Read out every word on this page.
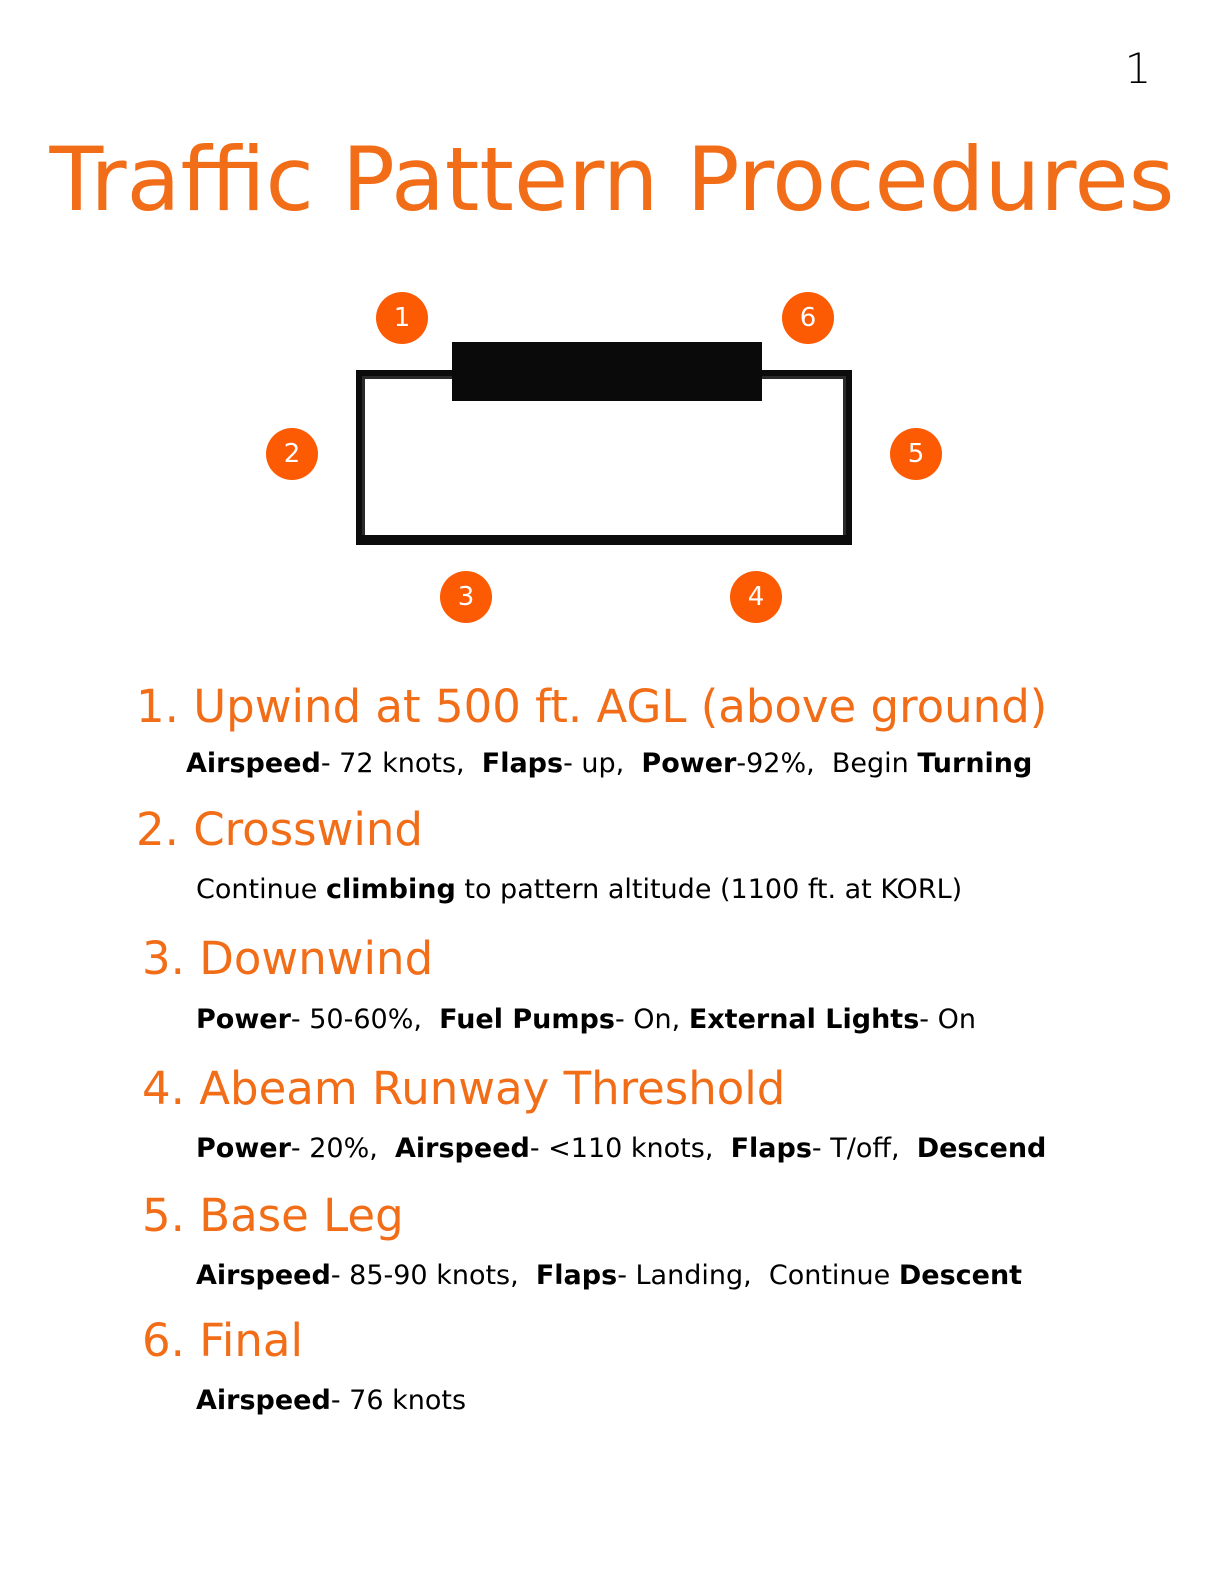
1
Traffic Pattern Procedures
1
2
3	4
5
6
1. Upwind at 500 ft. AGL (above ground)
Airspeed- 72 knots,  Flaps- up,  Power-92%,  Begin Turning
2. Crosswind
Continue climbing to pattern altitude (1100 ft. at KORL)
3. Downwind
Power- 50-60%,  Fuel Pumps- On, External Lights- On
4. Abeam Runway Threshold
Power- 20%,  Airspeed- <110 knots,  Flaps- T/off,  Descend
5. Base Leg
Airspeed- 85-90 knots,  Flaps- Landing,  Continue Descent
6. Final
Airspeed- 76 knots
